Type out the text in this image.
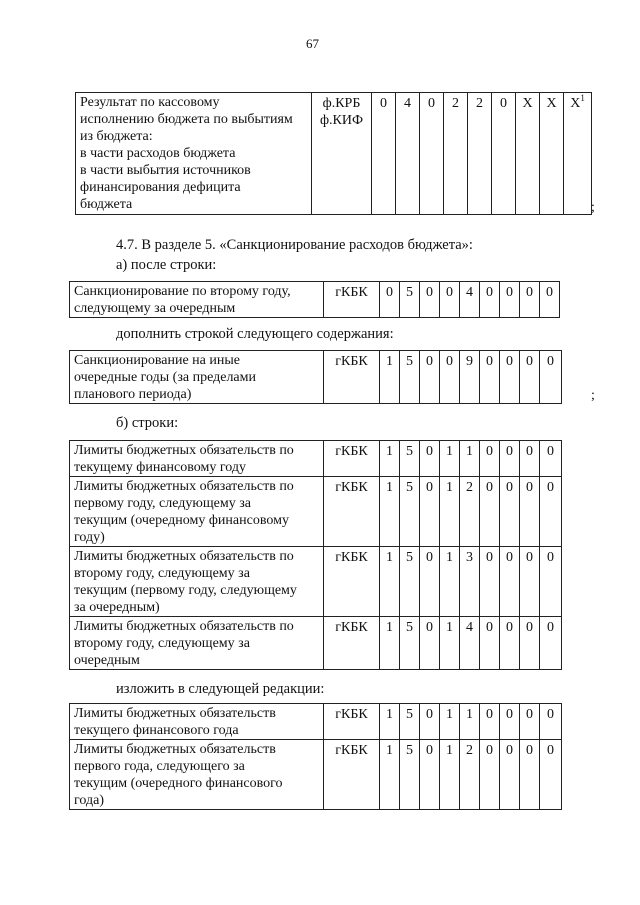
67
Результат по кассовому
исполнению бюджета по выбытиям
из бюджета:
в части расходов бюджета
в части выбытия источников
финансирования дефицита
бюджета

ф.КРБ
ф.КИФ
	0	4	0	2	2	0	X	X	$X^1$
;
4.7. В разделе 5. «Санкционирование расходов бюджета»:
а) после строки:
Санкционирование по второму году,
следующему за очередным

гКБК	0	5	0	0	4	0	0	0	0
дополнить строкой следующего содержания:
Санкционирование на иные
очередные годы (за пределами
планового периода)

гКБК	1	5	0	0	9	0	0	0	0
;
б) строки:
Лимиты бюджетных обязательств по
текущему финансовому году	гКБК	1	5	0	1	1	0	0	0	0

Лимиты бюджетных обязательств по
первому году, следующему за
текущим (очередному финансовому
году)	гКБК	1	5	0	1	2	0	0	0	0

Лимиты бюджетных обязательств по
второму году, следующему за
текущим (первому году, следующему
за очередным)	гКБК	1	5	0	1	3	0	0	0	0

Лимиты бюджетных обязательств по
второму году, следующему за
очередным	гКБК	1	5	0	1	4	0	0	0	0
изложить в следующей редакции:
Лимиты бюджетных обязательств
текущего финансового года	гКБК	1	5	0	1	1	0	0	0	0

Лимиты бюджетных обязательств
первого года, следующего за
текущим (очередного финансового
года)	гКБК	1	5	0	1	2	0	0	0	0
